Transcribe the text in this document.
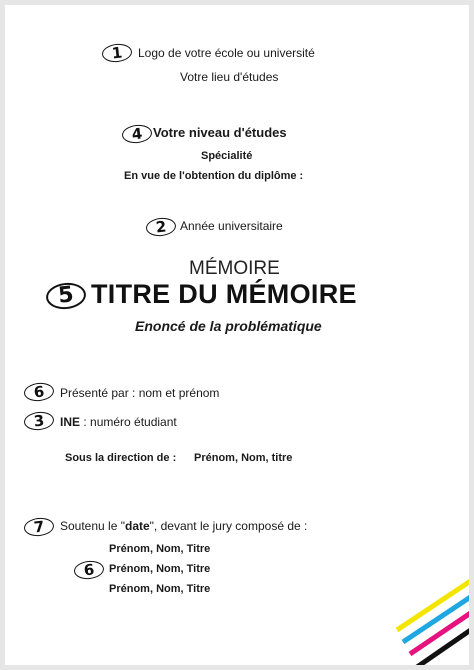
1	Logo de votre école ou université
Votre lieu d'études
4 Votre niveau d'études
Spécialité
En vue de l'obtention du diplôme :
2	Année universitaire
MÉMOIRE
5 TITRE DU MÉMOIRE
Enoncé de la problématique
6	Présenté par : nom et prénom
3	INE : numéro étudiant
Sous la direction de : Prénom, Nom, titre
7	Soutenu le "date", devant le jury composé de :
Prénom, Nom, Titre
6	Prénom, Nom, Titre
Prénom, Nom, Titre
